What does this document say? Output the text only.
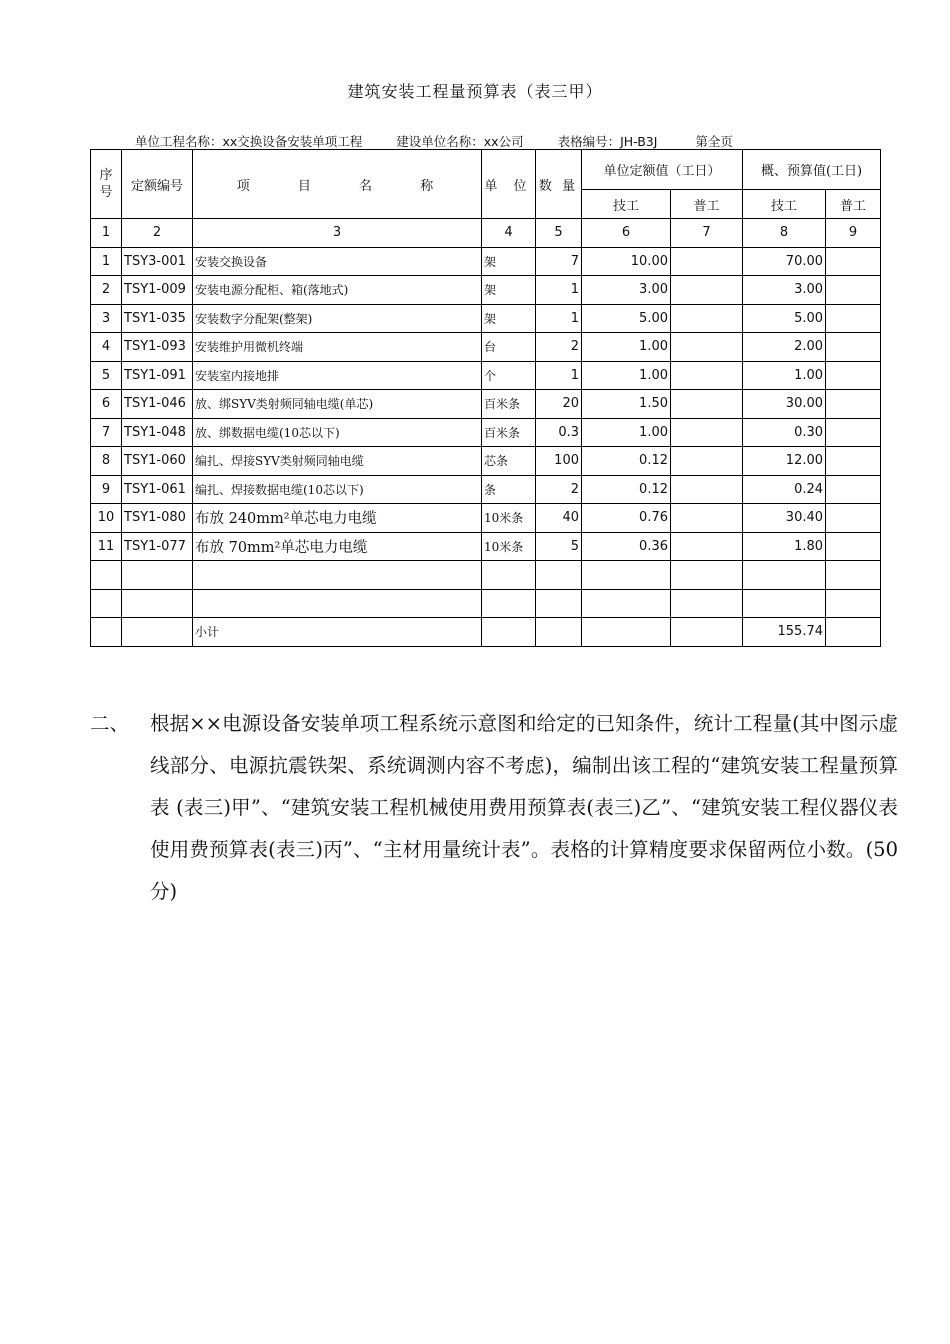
建筑安装工程量预算表（表三甲）
单位工程名称：xx交换设备安装单项工程	建设单位名称：xx公司	表格编号：JH-B3J	第全页
序号	定额编号	项 目 名 称	单 位	数 量	单位定额值（工日）		概、预算值(工日)	
					技工	普工	技工	普工
1	2	3	4	5	6	7	8	9
1	TSY3-001	安装交换设备	架	7	10.00		70.00	
2	TSY1-009	安装电源分配柜、箱(落地式)	架	1	3.00		3.00	
3	TSY1-035	安装数字分配架(整架)	架	1	5.00		5.00	
4	TSY1-093	安装维护用微机终端	台	2	1.00		2.00	
5	TSY1-091	安装室内接地排	个	1	1.00		1.00	
6	TSY1-046	放、绑SYV类射频同轴电缆(单芯)	百米条	20	1.50		30.00	
7	TSY1-048	放、绑数据电缆(10芯以下)	百米条	0.3	1.00		0.30	
8	TSY1-060	编扎、焊接SYV类射频同轴电缆	芯条	100	0.12		12.00	
9	TSY1-061	编扎、焊接数据电缆(10芯以下)	条	2	0.12		0.24	
10	TSY1-080	布放 240mm²单芯电力电缆	10米条	40	0.76		30.40	
11	TSY1-077	布放 70mm²单芯电力电缆	10米条	5	0.36		1.80	

		小计					155.74	
二、 根据××电源设备安装单项工程系统示意图和给定的已知条件，统计工程量(其中图示虚线部分、电源抗震铁架、系统调测内容不考虑)，编制出该工程的“建筑安装工程量预算表 (表三)甲”、“建筑安装工程机械使用费用预算表(表三)乙”、“建筑安装工程仪器仪表使用费预算表(表三)丙”、“主材用量统计表”。表格的计算精度要求保留两位小数。(50 分)
